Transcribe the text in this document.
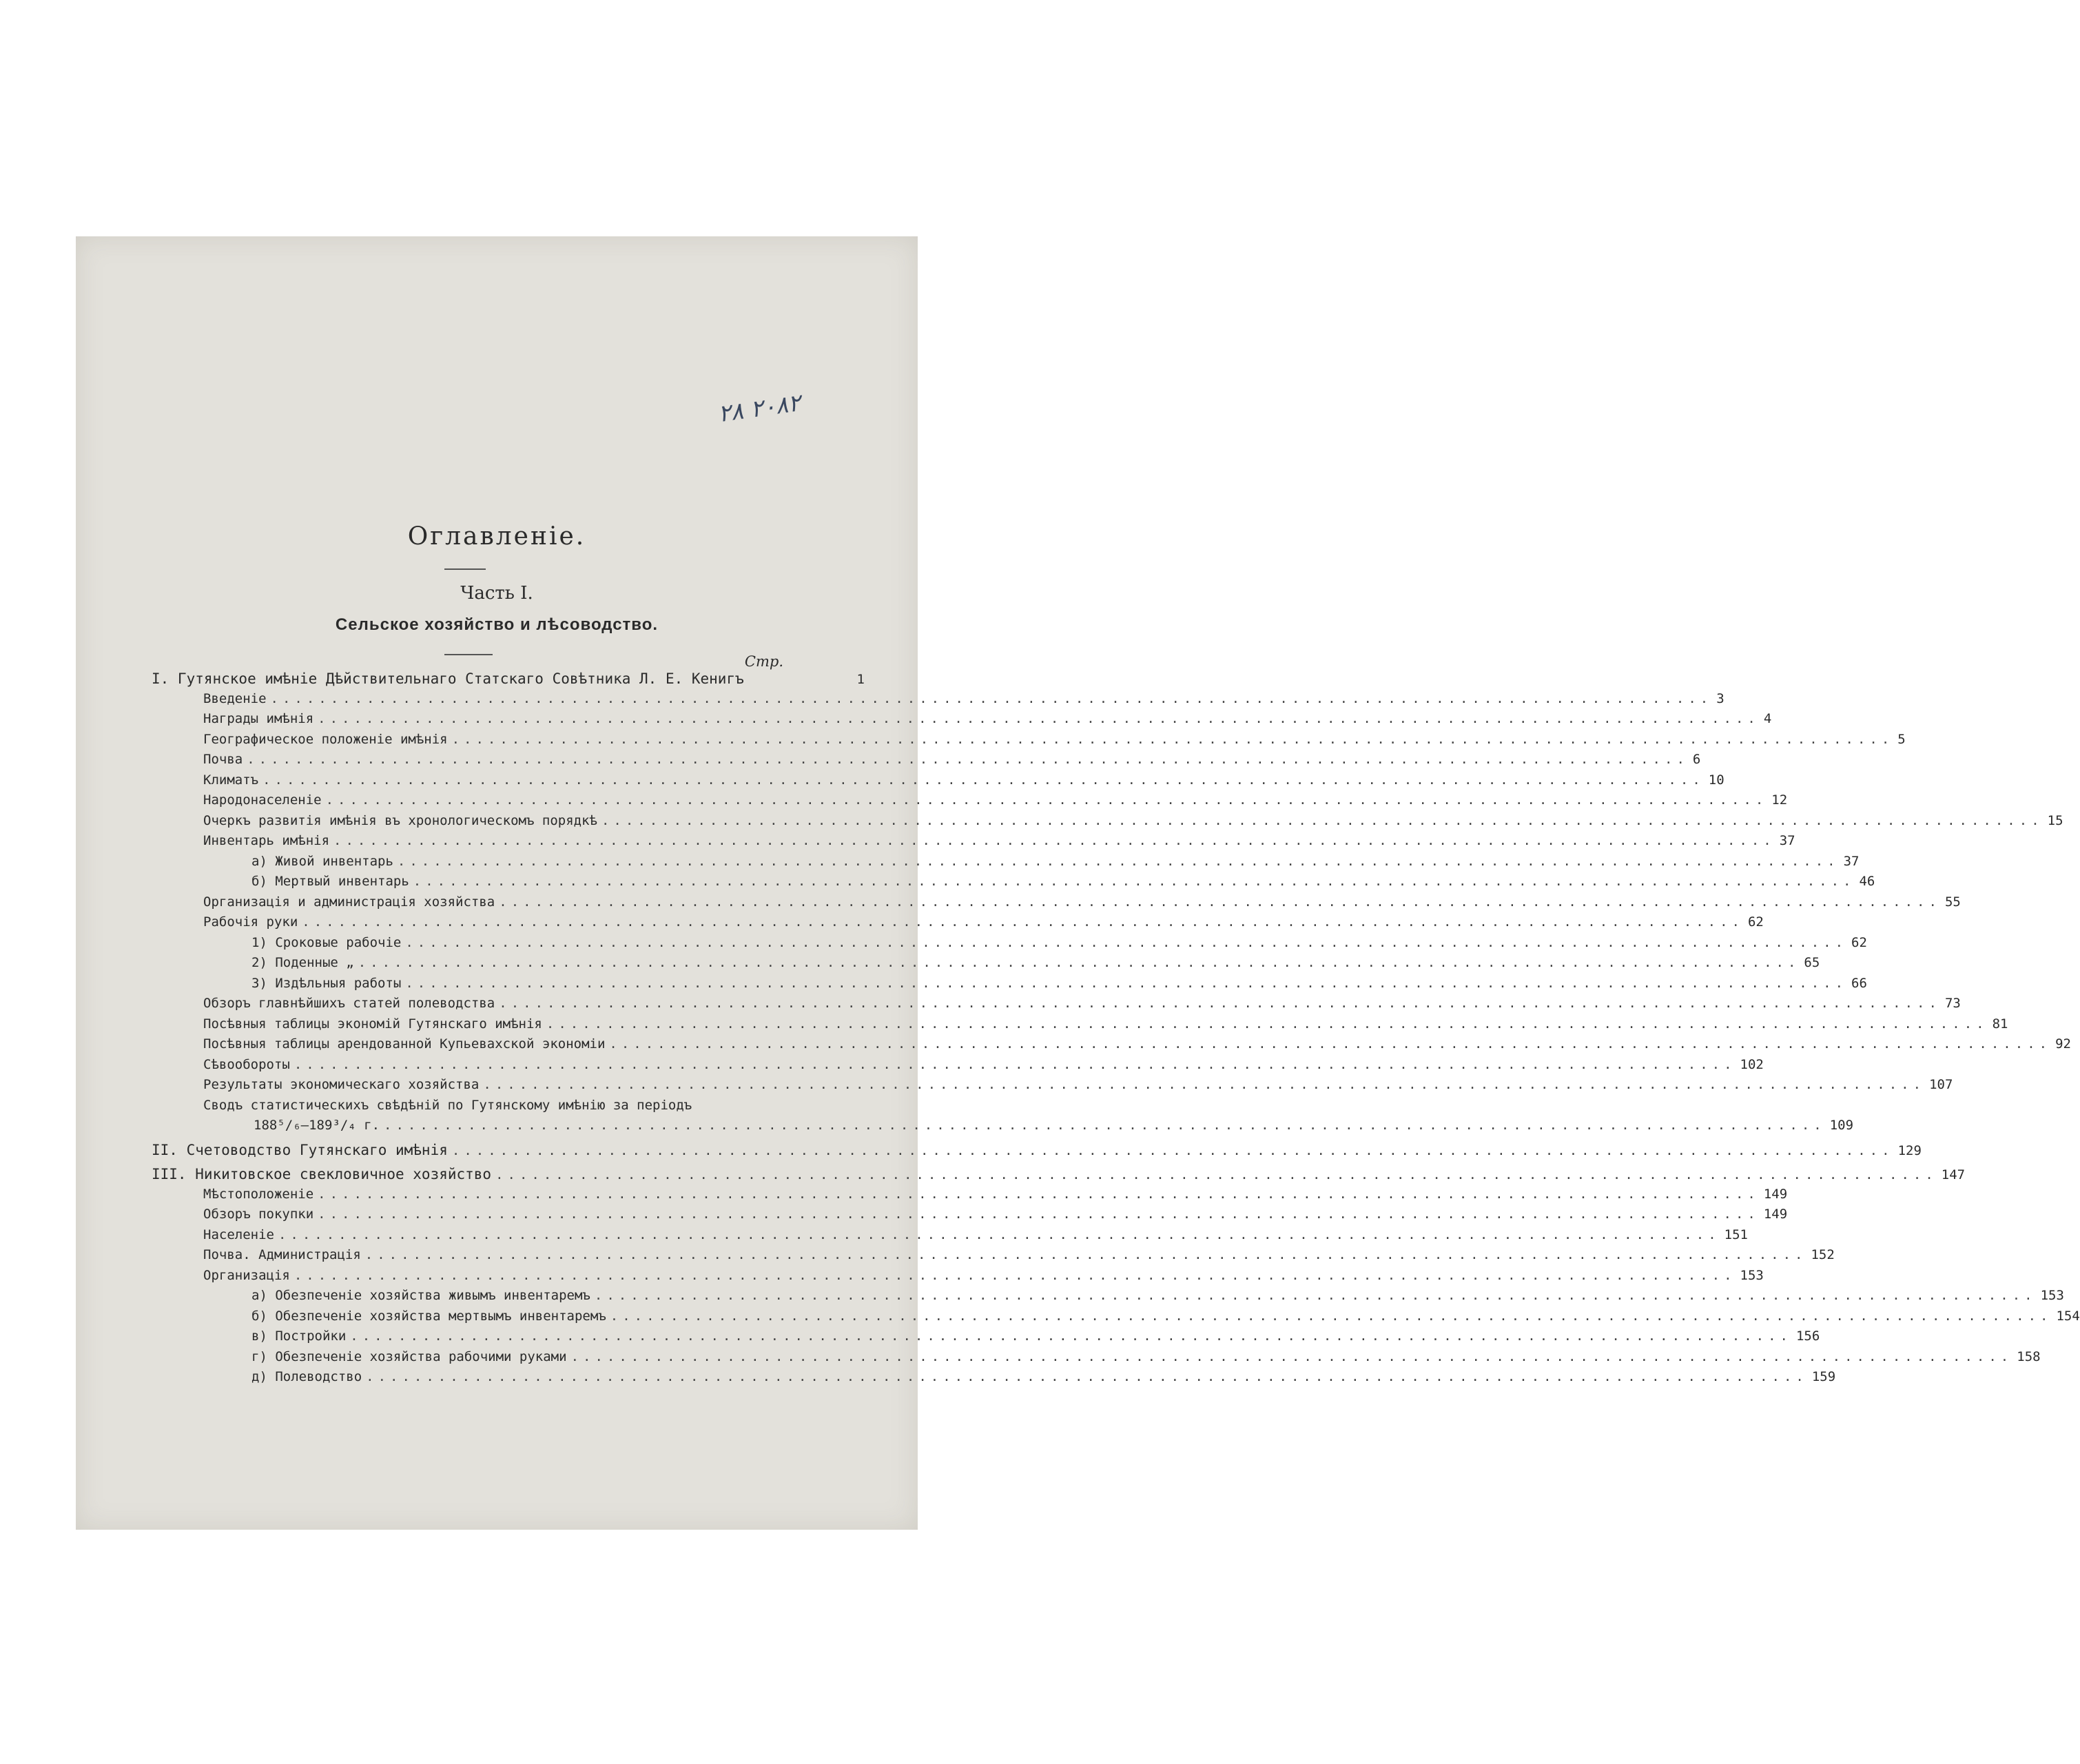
٢٠٨٢ ٢٨
Оглавленіе.
Часть I.
Сельское хозяйство и лѣсоводство.
Стр.
I. Гутянское имѣніе Дѣйствительнаго Статскаго Совѣтника Л. Е. Кенигъ	1
Введеніе ........................................................................................................................ 3
Награды имѣнія ........................................................................................................................ 4
Географическое положеніе имѣнія ........................................................................................................................ 5
Почва ........................................................................................................................ 6
Климатъ ........................................................................................................................ 10
Народонаселеніе ........................................................................................................................ 12
Очеркъ развитія имѣнія въ хронологическомъ порядкѣ ........................................................................................................................ 15
Инвентарь имѣнія ........................................................................................................................ 37
а) Живой инвентарь ........................................................................................................................ 37
б) Мертвый инвентарь ........................................................................................................................ 46
Организація и администрація хозяйства ........................................................................................................................ 55
Рабочія руки ........................................................................................................................ 62
1) Сроковые рабочіе ........................................................................................................................ 62
2) Поденные „ ........................................................................................................................ 65
3) Издѣльныя работы ........................................................................................................................ 66
Обзоръ главнѣйшихъ статей полеводства ........................................................................................................................ 73
Посѣвныя таблицы экономій Гутянскаго имѣнія ........................................................................................................................ 81
Посѣвныя таблицы арендованной Купьевахской экономіи ........................................................................................................................ 92
Сѣвообороты ........................................................................................................................ 102
Результаты экономическаго хозяйства ........................................................................................................................ 107
Сводъ статистическихъ свѣдѣній по Гутянскому имѣнію за періодъ
188⁵/₆—189³/₄ г. ........................................................................................................................ 109
II. Счетоводство Гутянскаго имѣнія ........................................................................................................................ 129
III. Никитовское свекловичное хозяйство ........................................................................................................................ 147
Мѣстоположеніе ........................................................................................................................ 149
Обзоръ покупки ........................................................................................................................ 149
Населеніе ........................................................................................................................ 151
Почва. Администрація ........................................................................................................................ 152
Организація ........................................................................................................................ 153
а) Обезпеченіе хозяйства живымъ инвентаремъ ........................................................................................................................ 153
б) Обезпеченіе хозяйства мертвымъ инвентаремъ ........................................................................................................................ 154
в) Постройки ........................................................................................................................ 156
г) Обезпеченіе хозяйства рабочими руками ........................................................................................................................ 158
д) Полеводство ........................................................................................................................ 159
